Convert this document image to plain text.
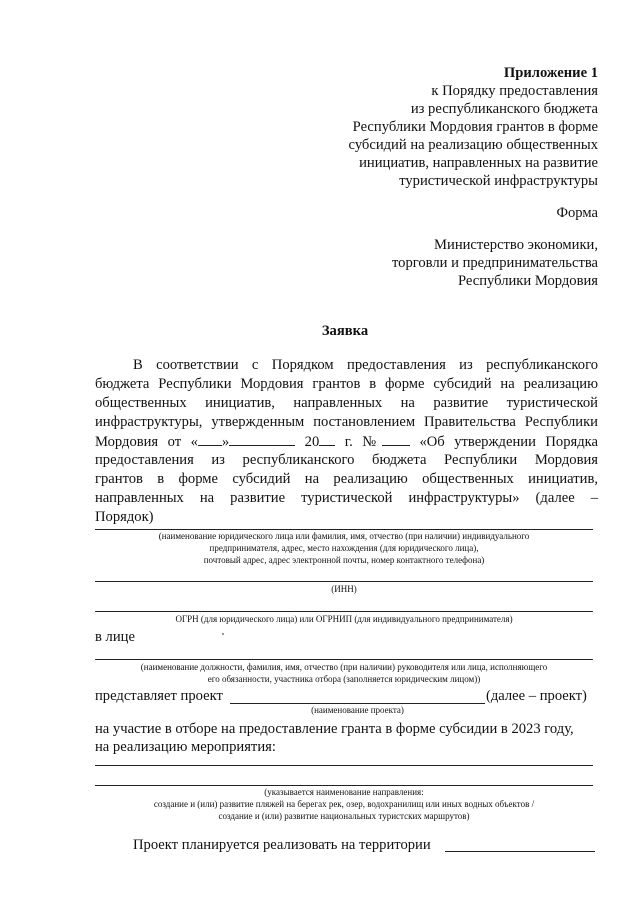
Приложение 1
к Порядку предоставления
из республиканского бюджета
Республики Мордовия грантов в форме
субсидий на реализацию общественных
инициатив, направленных на развитие
туристической инфраструктуры
Форма
Министерство экономики,
торговли и предпринимательства
Республики Мордовия
Заявка
В соответствии с Порядком предоставления из республиканского
бюджета Республики Мордовия грантов в форме субсидий на реализацию
общественных инициатив, направленных на развитие туристической
инфраструктуры, утвержденным постановлением Правительства Республики
Мордовия от « »	20 г. №	«Об утверждении Порядка
предоставления из республиканского бюджета Республики Мордовия
грантов в форме субсидий на реализацию общественных инициатив,
направленных на развитие туристической инфраструктуры» (далее –
Порядок)
(наименование юридического лица или фамилия, имя, отчество (при наличии) индивидуального
предпринимателя, адрес, место нахождения (для юридического лица),
почтовый адрес, адрес электронной почты, номер контактного телефона)
(ИНН)
ОГРН (для юридического лица) или ОГРНИП (для индивидуального предпринимателя)
в лице
(наименование должности, фамилия, имя, отчество (при наличии) руководителя или лица, исполняющего
его обязанности, участника отбора (заполняется юридическим лицом))
представляет проект	(далее – проект)
(наименование проекта)
на участие в отборе на предоставление гранта в форме субсидии в 2023 году,
на реализацию мероприятия:
(указывается наименование направления:
создание и (или) развитие пляжей на берегах рек, озер, водохранилищ или иных водных объектов /
создание и (или) развитие национальных туристских маршрутов)
Проект планируется реализовать на территории
